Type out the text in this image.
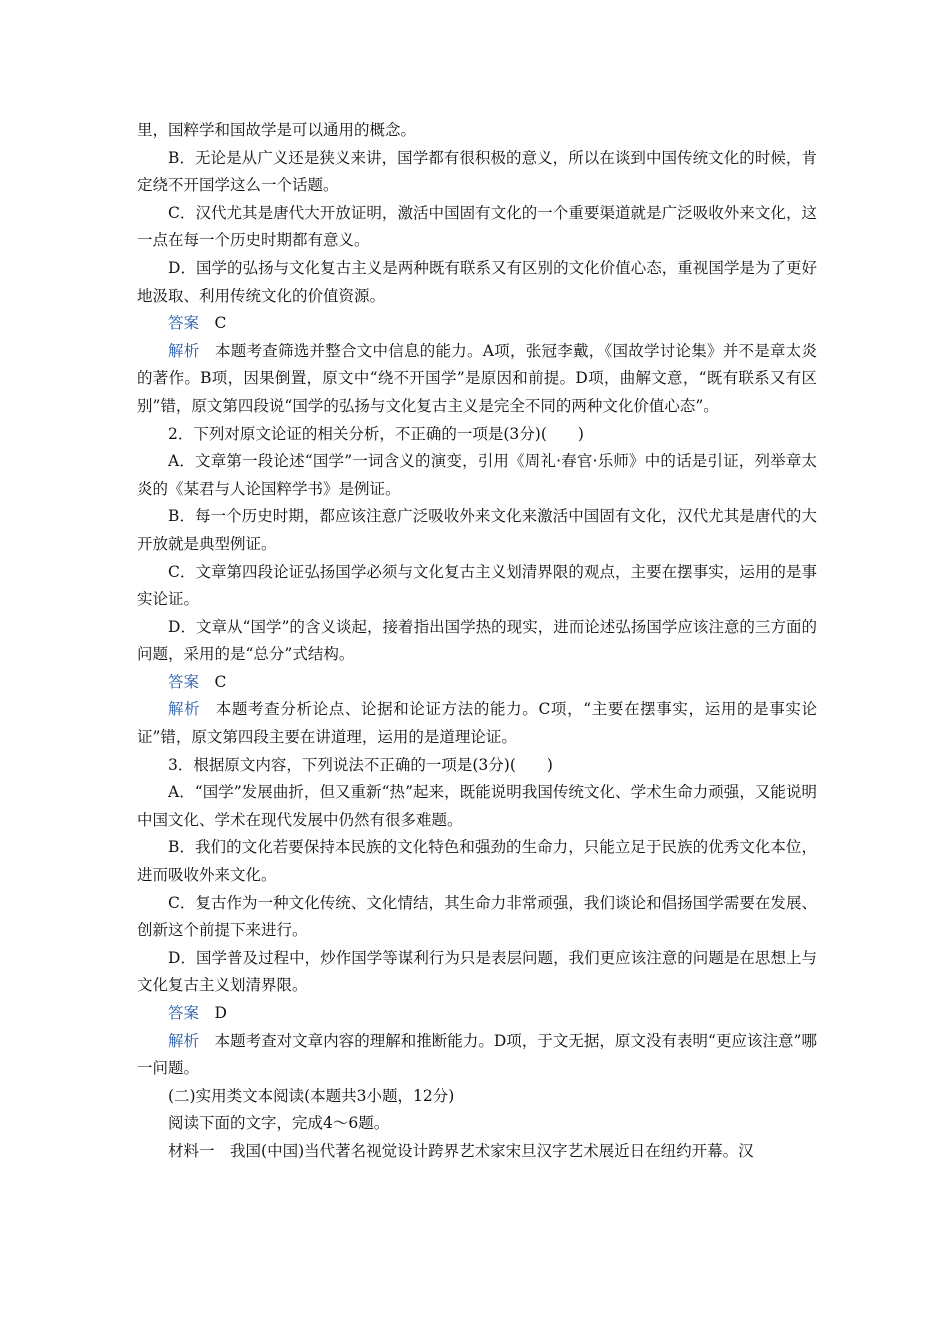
里，国粹学和国故学是可以通用的概念。

B．无论是从广义还是狭义来讲，国学都有很积极的意义，所以在谈到中国传统文化的时候，肯定绕不开国学这么一个话题。

C．汉代尤其是唐代大开放证明，激活中国固有文化的一个重要渠道就是广泛吸收外来文化，这一点在每一个历史时期都有意义。

D．国学的弘扬与文化复古主义是两种既有联系又有区别的文化价值心态，重视国学是为了更好地汲取、利用传统文化的价值资源。

答案 C

解析 本题考查筛选并整合文中信息的能力。A项，张冠李戴，《国故学讨论集》并不是章太炎的著作。B项，因果倒置，原文中“绕不开国学”是原因和前提。D项，曲解文意，“既有联系又有区别”错，原文第四段说“国学的弘扬与文化复古主义是完全不同的两种文化价值心态”。

2．下列对原文论证的相关分析，不正确的一项是(3分)(　　)

A．文章第一段论述“国学”一词含义的演变，引用《周礼·春官·乐师》中的话是引证，列举章太炎的《某君与人论国粹学书》是例证。

B．每一个历史时期，都应该注意广泛吸收外来文化来激活中国固有文化，汉代尤其是唐代的大开放就是典型例证。

C．文章第四段论证弘扬国学必须与文化复古主义划清界限的观点，主要在摆事实，运用的是事实论证。

D．文章从“国学”的含义谈起，接着指出国学热的现实，进而论述弘扬国学应该注意的三方面的问题，采用的是“总分”式结构。

答案 C

解析 本题考查分析论点、论据和论证方法的能力。C项，“主要在摆事实，运用的是事实论证”错，原文第四段主要在讲道理，运用的是道理论证。

3．根据原文内容，下列说法不正确的一项是(3分)(　　)

A．“国学”发展曲折，但又重新“热”起来，既能说明我国传统文化、学术生命力顽强，又能说明中国文化、学术在现代发展中仍然有很多难题。

B．我们的文化若要保持本民族的文化特色和强劲的生命力，只能立足于民族的优秀文化本位，进而吸收外来文化。

C．复古作为一种文化传统、文化情结，其生命力非常顽强，我们谈论和倡扬国学需要在发展、创新这个前提下来进行。

D．国学普及过程中，炒作国学等谋利行为只是表层问题，我们更应该注意的问题是在思想上与文化复古主义划清界限。

答案 D

解析 本题考查对文章内容的理解和推断能力。D项，于文无据，原文没有表明“更应该注意”哪一问题。

(二)实用类文本阅读(本题共3小题，12分)

阅读下面的文字，完成4～6题。

材料一 我国(中国)当代著名视觉设计跨界艺术家宋旦汉字艺术展近日在纽约开幕。汉
